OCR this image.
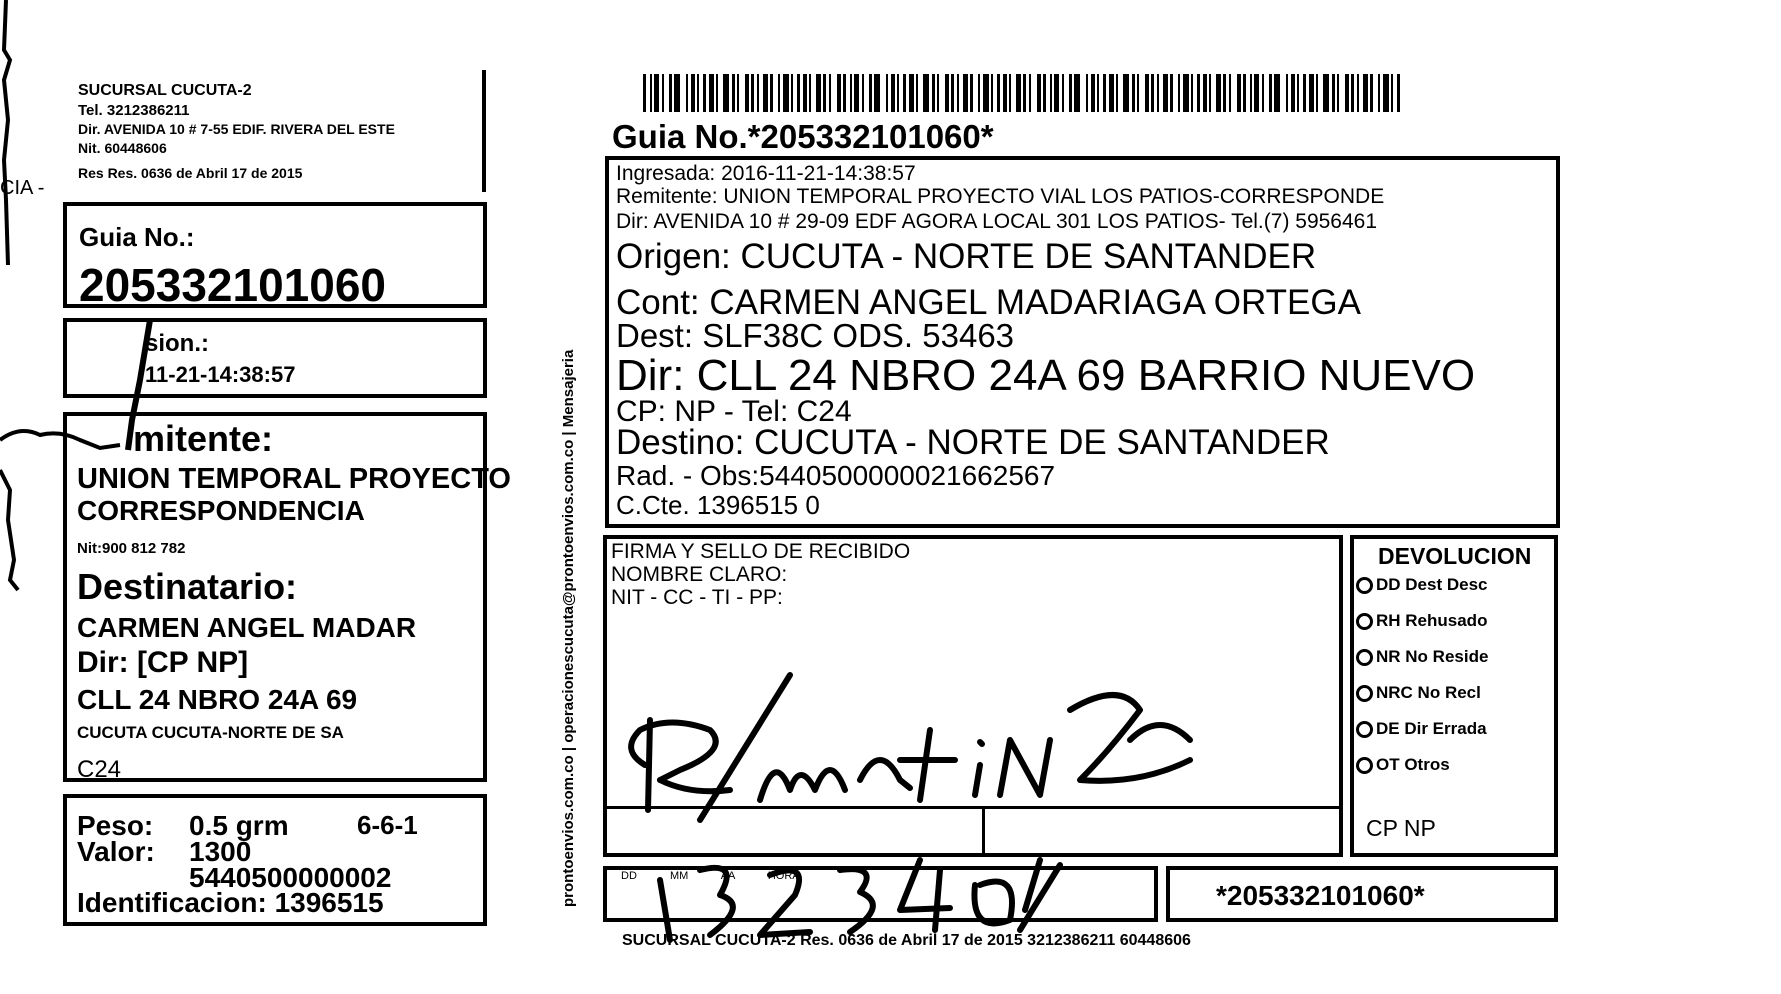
SUCURSAL CUCUTA-2
Tel. 3212386211
Dir. AVENIDA 10 # 7-55 EDIF. RIVERA DEL ESTE
Nit. 60448606
Res Res. 0636 de Abril 17 de 2015
CIA -
Guia No.:
205332101060
sion.:
11-21-14:38:57
mitente:
UNION TEMPORAL PROYECTO
CORRESPONDENCIA
Nit:900 812 782
Destinatario:
CARMEN ANGEL MADAR
Dir: [CP NP]
CLL 24 NBRO 24A 69
CUCUTA CUCUTA-NORTE DE SA
C24
Peso: 0.5 grm	6-6-1
Valor: 1300
5440500000002
Identificacion: 1396515	prontoenvios.com.co | operacionescucuta@prontoenvios.com.co | Mensajeria
Guia No.*205332101060*
Ingresada: 2016-11-21-14:38:57
Remitente: UNION TEMPORAL PROYECTO VIAL LOS PATIOS-CORRESPONDE
Dir: AVENIDA 10 # 29-09 EDF AGORA LOCAL 301 LOS PATIOS- Tel.(7) 5956461
Origen: CUCUTA - NORTE DE SANTANDER
Cont: CARMEN ANGEL MADARIAGA ORTEGA
Dest: SLF38C ODS. 53463
Dir: CLL 24 NBRO 24A 69 BARRIO NUEVO
CP: NP - Tel: C24
Destino: CUCUTA - NORTE DE SANTANDER
Rad. - Obs:5440500000021662567
C.Cte. 1396515 0
FIRMA Y SELLO DE RECIBIDO
NOMBRE CLARO:
NIT - CC - TI - PP:
DEVOLUCION
DD Dest Desc
RH Rehusado
NR No Reside
NRC No Recl
DE Dir Errada
OT Otros
CP NP
DD MM AA HORA
*205332101060*
SUCURSAL CUCUTA-2 Res. 0636 de Abril 17 de 2015 3212386211 60448606
